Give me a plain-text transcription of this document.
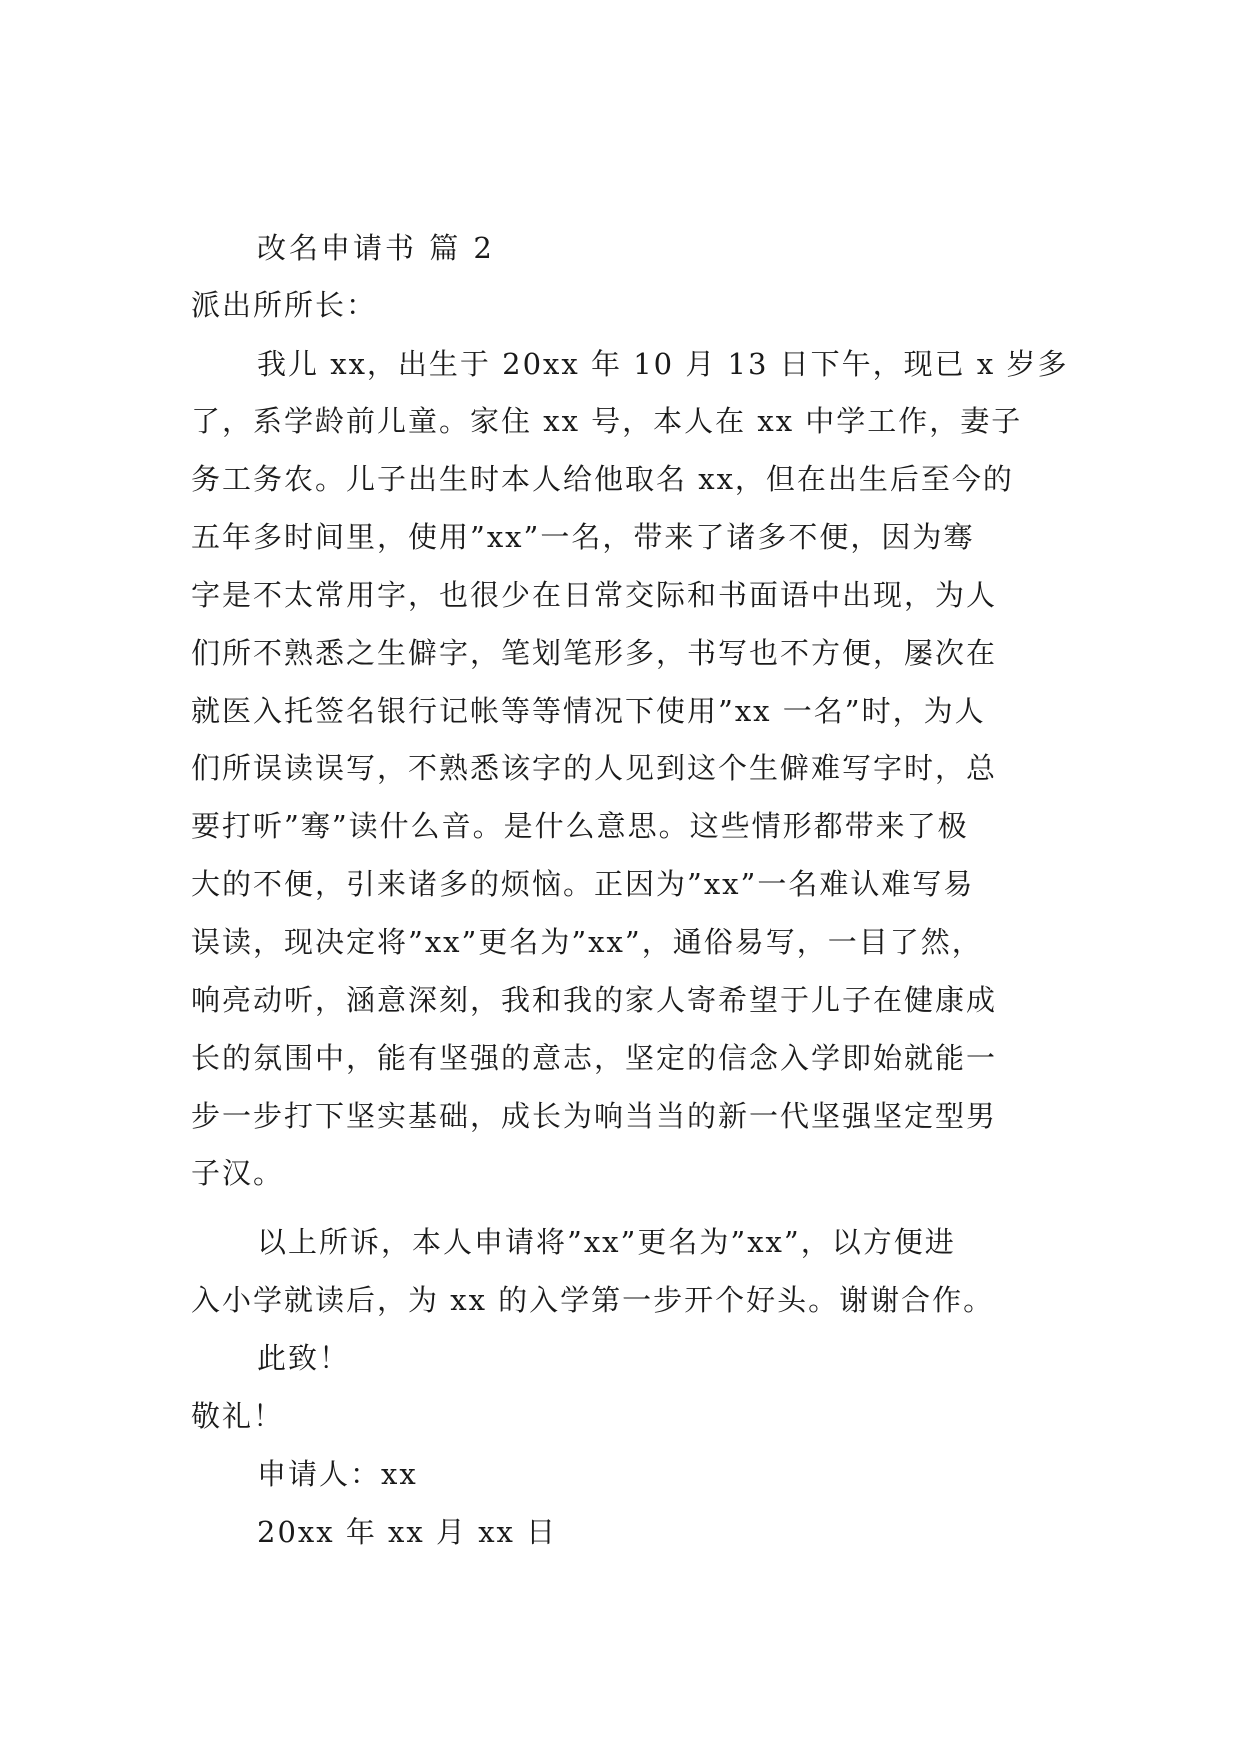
改名申请书 篇 2
派出所所长：
我儿 xx，出生于 20xx 年 10 月 13 日下午，现已 x 岁多
了，系学龄前儿童。家住 xx 号，本人在 xx 中学工作，妻子
务工务农。儿子出生时本人给他取名 xx，但在出生后至今的
五年多时间里，使用”xx”一名，带来了诸多不便，因为骞
字是不太常用字，也很少在日常交际和书面语中出现，为人
们所不熟悉之生僻字，笔划笔形多，书写也不方便，屡次在
就医入托签名银行记帐等等情况下使用”xx 一名”时，为人
们所误读误写，不熟悉该字的人见到这个生僻难写字时，总
要打听”骞”读什么音。是什么意思。这些情形都带来了极
大的不便，引来诸多的烦恼。正因为”xx”一名难认难写易
误读，现决定将”xx”更名为”xx”，通俗易写，一目了然，
响亮动听，涵意深刻，我和我的家人寄希望于儿子在健康成
长的氛围中，能有坚强的意志，坚定的信念入学即始就能一
步一步打下坚实基础，成长为响当当的新一代坚强坚定型男
子汉。
以上所诉，本人申请将”xx”更名为”xx”，以方便进
入小学就读后，为 xx 的入学第一步开个好头。谢谢合作。
此致！
敬礼！
申请人：xx
20xx 年 xx 月 xx 日
